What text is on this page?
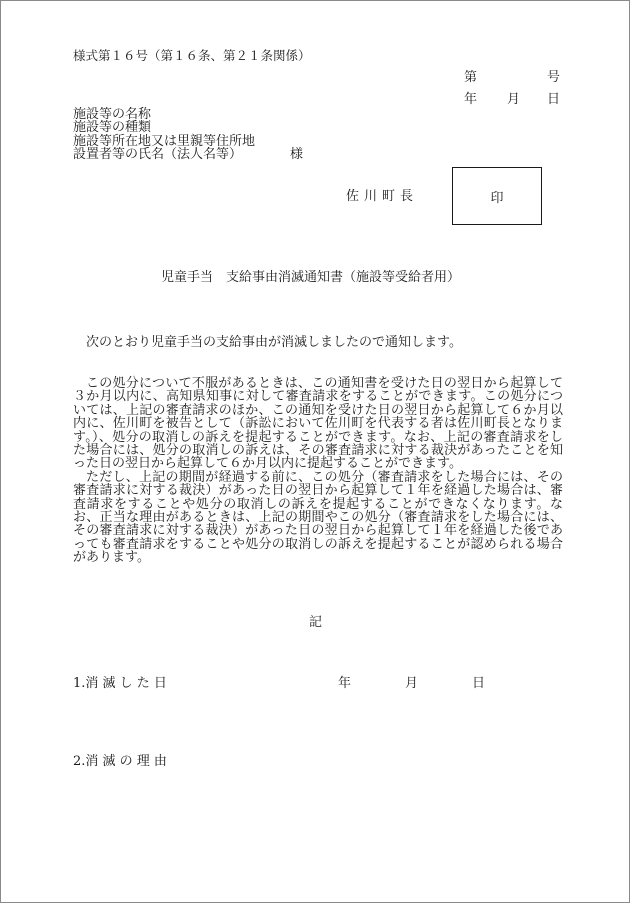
様式第１６号（第１６条、第２１条関係）
第	号
年 月 日
施設等の名称
施設等の種類
施設等所在地又は里親等住所地
設置者等の氏名（法人名等）	様
佐川町長	印
児童手当　支給事由消滅通知書（施設等受給者用）
次のとおり児童手当の支給事由が消滅しましたので通知します。

この処分について不服があるときは、この通知書を受けた日の翌日から起算して３か月以内に、高知県知事に対して審査請求をすることができます。この処分については、上記の審査請求のほか、この通知を受けた日の翌日から起算して６か月以内に、佐川町を被告として（訴訟において佐川町を代表する者は佐川町長となります。）、処分の取消しの訴えを提起することができます。なお、上記の審査請求をした場合には、処分の取消しの訴えは、その審査請求に対する裁決があったことを知った日の翌日から起算して６か月以内に提起することができます。

ただし、上記の期間が経過する前に、この処分（審査請求をした場合には、その審査請求に対する裁決）があった日の翌日から起算して１年を経過した場合は、審査請求をすることや処分の取消しの訴えを提起することができなくなります。なお、正当な理由があるときは、上記の期間やこの処分（審査請求をした場合には、その審査請求に対する裁決）があった日の翌日から起算して１年を経過した後であっても審査請求をすることや処分の取消しの訴えを提起することが認められる場合があります。

記
1.消 滅 し た 日	年	月	日
2.消 滅 の 理 由
